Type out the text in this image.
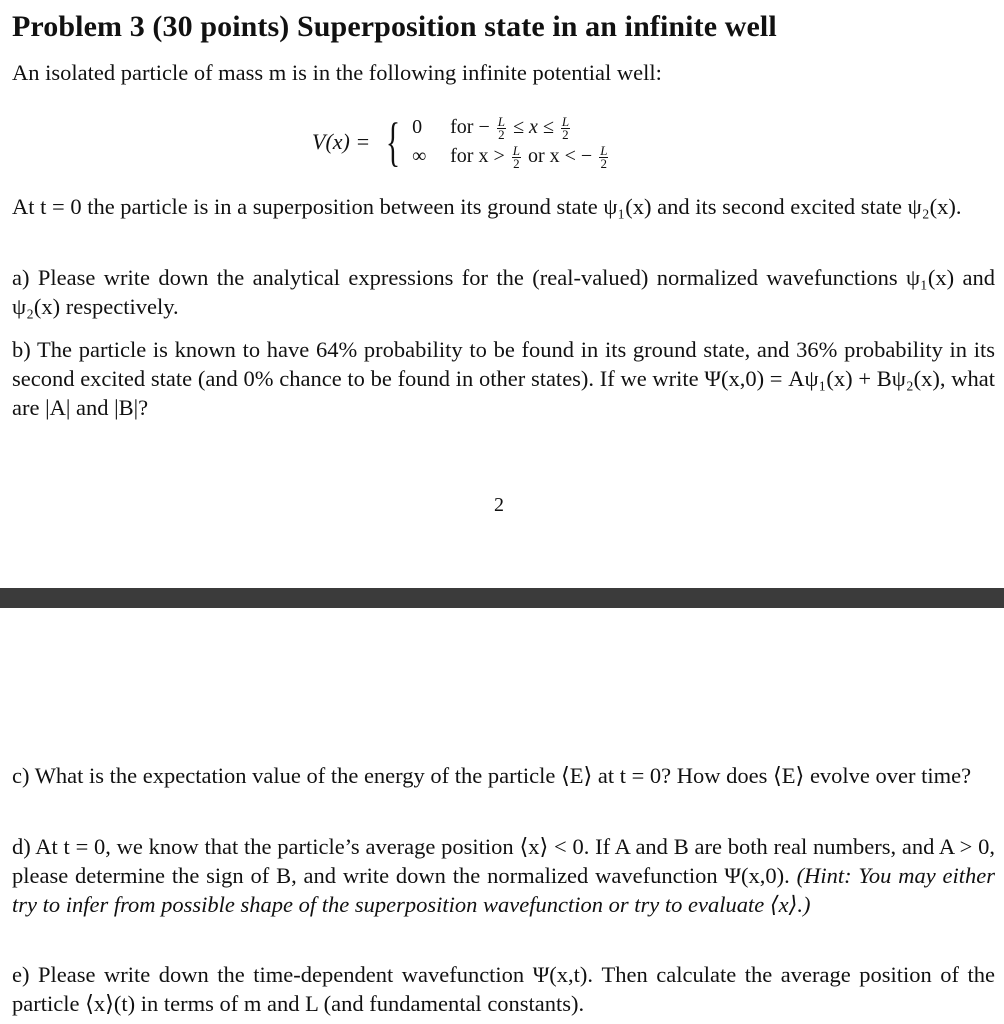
Problem 3 (30 points) Superposition state in an infinite well
An isolated particle of mass m is in the following infinite potential well:
V(x) = { 0	for − $\frac{L}{2} \le x \le \frac{L}{2}$
∞	for $x > \frac{L}{2}$ or x < − $\frac{L}{2}$
At t = 0 the particle is in a superposition between its ground state ψ₁(x) and its second excited state ψ₂(x).
a) Please write down the analytical expressions for the (real-valued) normalized wavefunctions ψ₁(x) and ψ₂(x) respectively.
b) The particle is known to have 64% probability to be found in its ground state, and 36% probability in its second excited state (and 0% chance to be found in other states). If we write Ψ(x,0) = Aψ₁(x) + Bψ₂(x), what are |A| and |B|?
2
c) What is the expectation value of the energy of the particle ⟨E⟩ at t = 0? How does ⟨E⟩ evolve over time?
d) At t = 0, we know that the particle’s average position ⟨x⟩ < 0. If A and B are both real numbers, and A > 0, please determine the sign of B, and write down the normalized wavefunction Ψ(x,0). (Hint: You may either try to infer from possible shape of the superposition wavefunction or try to evaluate ⟨x⟩.)
e) Please write down the time-dependent wavefunction Ψ(x,t). Then calculate the average position of the particle ⟨x⟩(t) in terms of m and L (and fundamental constants).
